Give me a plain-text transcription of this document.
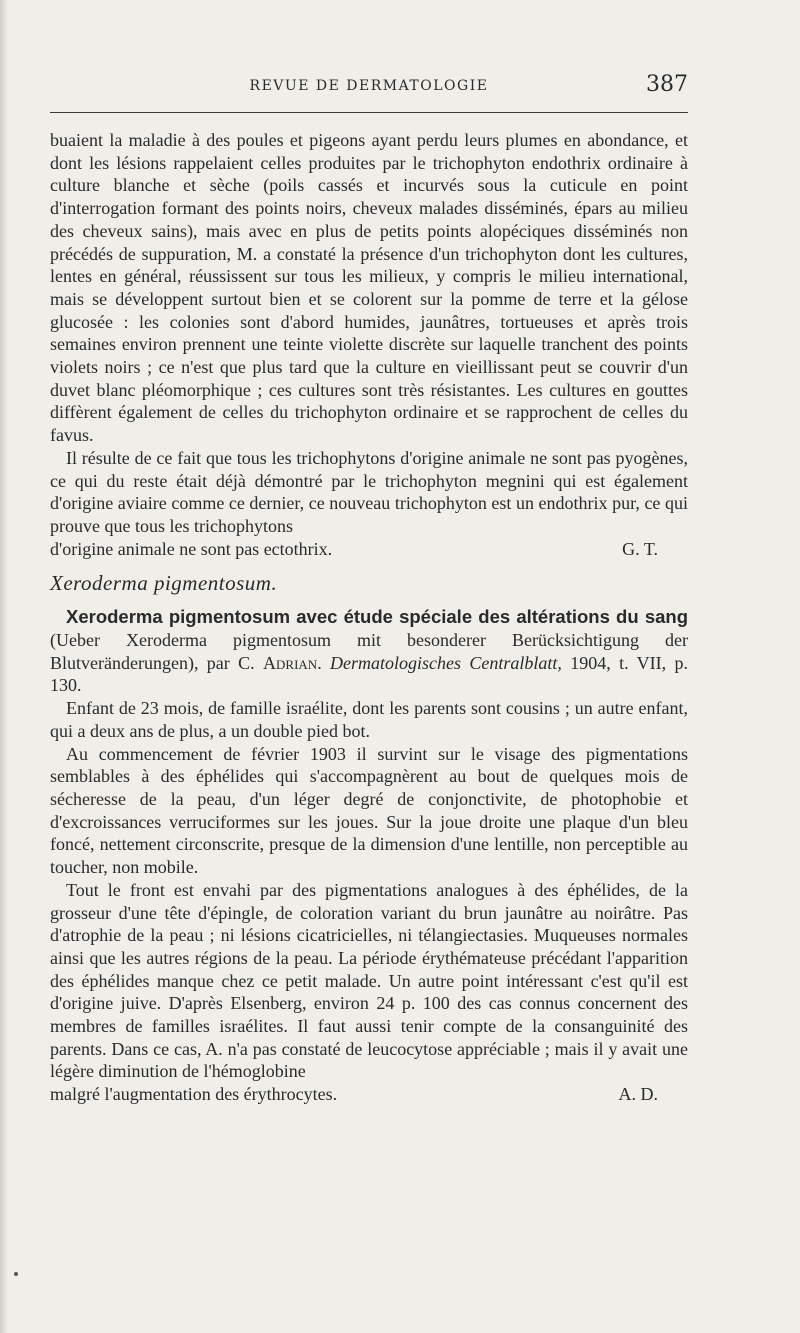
REVUE DE DERMATOLOGIE	387

buaient la maladie à des poules et pigeons ayant perdu leurs plumes en abondance, et dont les lésions rappelaient celles produites par le trichophyton endothrix ordinaire à culture blanche et sèche (poils cassés et incurvés sous la cuticule en point d'interrogation formant des points noirs, cheveux malades disséminés, épars au milieu des cheveux sains), mais avec en plus de petits points alopéciques disséminés non précédés de suppuration, M. a constaté la présence d'un trichophyton dont les cultures, lentes en général, réussissent sur tous les milieux, y compris le milieu international, mais se développent surtout bien et se colorent sur la pomme de terre et la gélose glucosée : les colonies sont d'abord humides, jaunâtres, tortueuses et après trois semaines environ prennent une teinte violette discrète sur laquelle tranchent des points violets noirs ; ce n'est que plus tard que la culture en vieillissant peut se couvrir d'un duvet blanc pléomorphique ; ces cultures sont très résistantes. Les cultures en gouttes diffèrent également de celles du trichophyton ordinaire et se rapprochent de celles du favus.

Il résulte de ce fait que tous les trichophytons d'origine animale ne sont pas pyogènes, ce qui du reste était déjà démontré par le trichophyton megnini qui est également d'origine aviaire comme ce dernier, ce nouveau trichophyton est un endothrix pur, ce qui prouve que tous les trichophytons

d'origine animale ne sont pas ectothrix.	G. T.
Xeroderma pigmentosum.

Xeroderma pigmentosum avec étude spéciale des altérations du sang (Ueber Xeroderma pigmentosum mit besonderer Berücksichtigung der Blutveränderungen), par C. Adrian. Dermatologisches Centralblatt, 1904, t. VII, p. 130.

Enfant de 23 mois, de famille israélite, dont les parents sont cousins ; un autre enfant, qui a deux ans de plus, a un double pied bot.

Au commencement de février 1903 il survint sur le visage des pigmentations semblables à des éphélides qui s'accompagnèrent au bout de quelques mois de sécheresse de la peau, d'un léger degré de conjonctivite, de photophobie et d'excroissances verruciformes sur les joues. Sur la joue droite une plaque d'un bleu foncé, nettement circonscrite, presque de la dimension d'une lentille, non perceptible au toucher, non mobile.

Tout le front est envahi par des pigmentations analogues à des éphélides, de la grosseur d'une tête d'épingle, de coloration variant du brun jaunâtre au noirâtre. Pas d'atrophie de la peau ; ni lésions cicatricielles, ni télangiectasies. Muqueuses normales ainsi que les autres régions de la peau. La période érythémateuse précédant l'apparition des éphélides manque chez ce petit malade. Un autre point intéressant c'est qu'il est d'origine juive. D'après Elsenberg, environ 24 p. 100 des cas connus concernent des membres de familles israélites. Il faut aussi tenir compte de la consanguinité des parents. Dans ce cas, A. n'a pas constaté de leucocytose appréciable ; mais il y avait une légère diminution de l'hémoglobine

malgré l'augmentation des érythrocytes.	A. D.
